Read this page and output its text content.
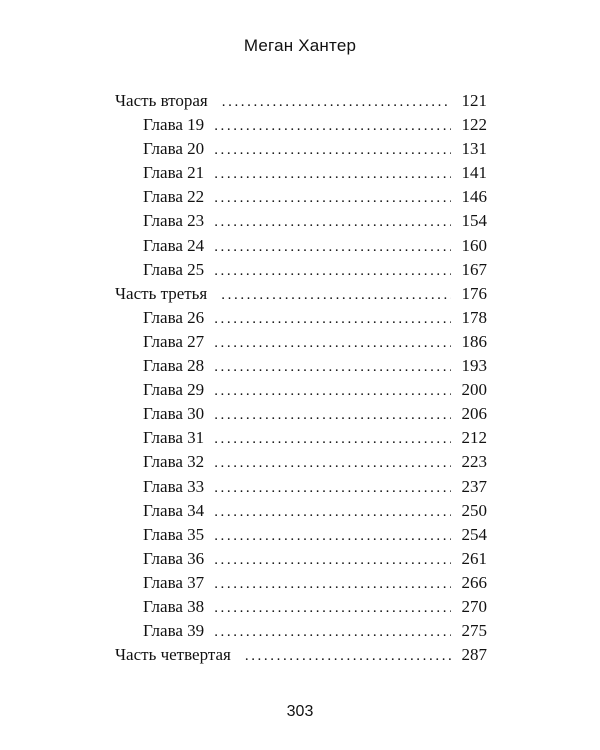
Меган Хантер
Часть вторая .....	121
Глава 19 .....	122
Глава 20 .....	131
Глава 21 .....	141
Глава 22 .....	146
Глава 23 .....	154
Глава 24 .....	160
Глава 25 .....	167
Часть третья .....	176
Глава 26 .....	178
Глава 27 .....	186
Глава 28 .....	193
Глава 29 .....	200
Глава 30 .....	206
Глава 31 .....	212
Глава 32 .....	223
Глава 33 .....	237
Глава 34 .....	250
Глава 35 .....	254
Глава 36 .....	261
Глава 37 .....	266
Глава 38 .....	270
Глава 39 .....	275
Часть четвертая .....	287
303
